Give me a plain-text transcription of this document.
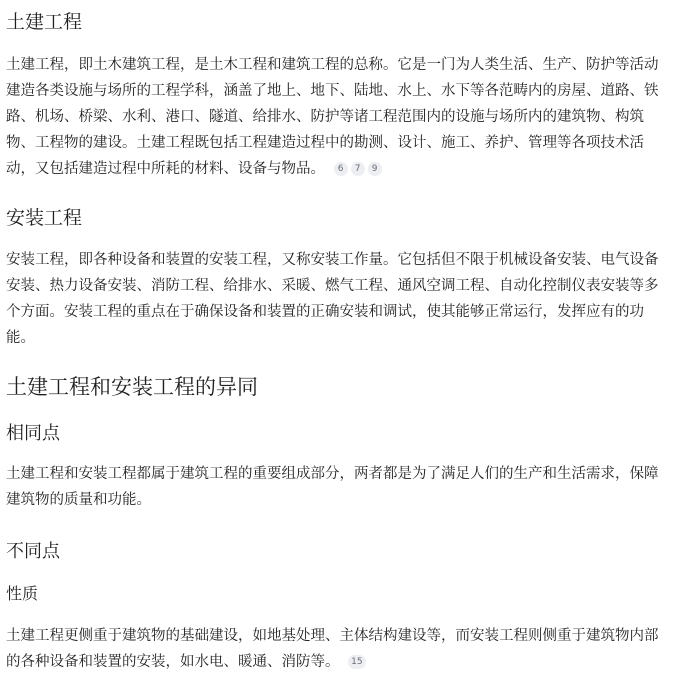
土建工程

土建工程，即土木建筑工程，是土木工程和建筑工程的总称。它是一门为人类生活、生产、防护等活动建造各类设施与场所的工程学科，涵盖了地上、地下、陆地、水上、水下等各范畴内的房屋、道路、铁路、机场、桥梁、水利、港口、隧道、给排水、防护等诸工程范围内的设施与场所内的建筑物、构筑物、工程物的建设。土建工程既包括工程建造过程中的勘测、设计、施工、养护、管理等各项技术活动，又包括建造过程中所耗的材料、设备与物品。	6	7	9

安装工程

安装工程，即各种设备和装置的安装工程，又称安装工作量。它包括但不限于机械设备安装、电气设备安装、热力设备安装、消防工程、给排水、采暖、燃气工程、通风空调工程、自动化控制仪表安装等多个方面。安装工程的重点在于确保设备和装置的正确安装和调试，使其能够正常运行，发挥应有的功能。

土建工程和安装工程的异同
相同点

土建工程和安装工程都属于建筑工程的重要组成部分，两者都是为了满足人们的生产和生活需求，保障建筑物的质量和功能。

不同点
性质

土建工程更侧重于建筑物的基础建设，如地基处理、主体结构建设等，而安装工程则侧重于建筑物内部的各种设备和装置的安装，如水电、暖通、消防等。	15
